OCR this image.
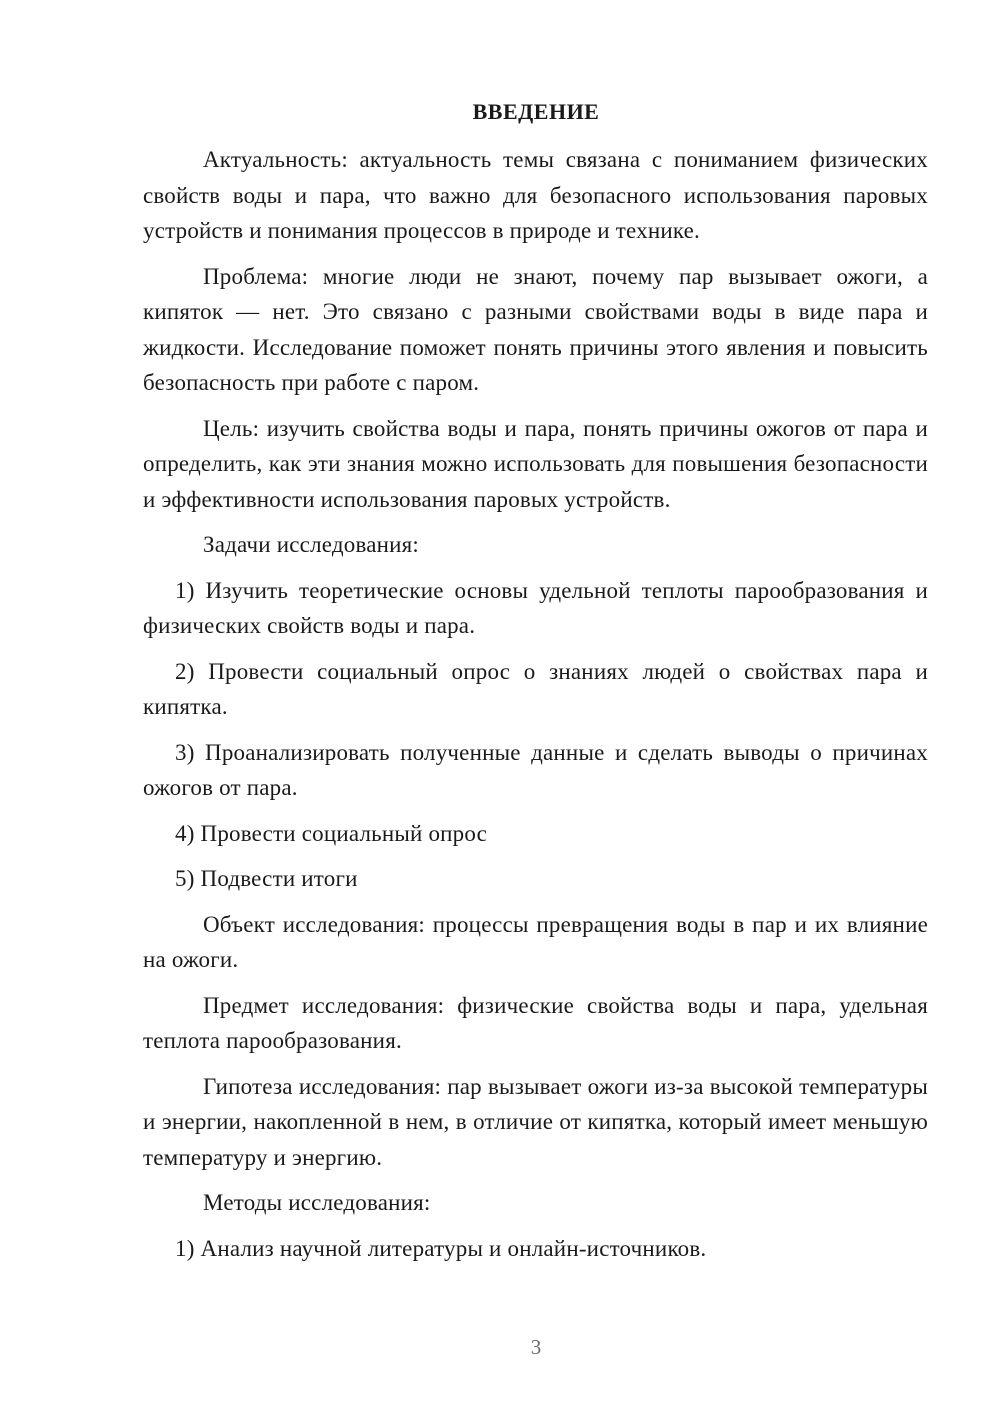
ВВЕДЕНИЕ

Актуальность: актуальность темы связана с пониманием физических свойств воды и пара, что важно для безопасного использования паровых устройств и понимания процессов в природе и технике.

Проблема: многие люди не знают, почему пар вызывает ожоги, а кипяток — нет. Это связано с разными свойствами воды в виде пара и жидкости. Исследование поможет понять причины этого явления и повысить безопасность при работе с паром.

Цель: изучить свойства воды и пара, понять причины ожогов от пара и определить, как эти знания можно использовать для повышения безопасности и эффективности использования паровых устройств.

Задачи исследования:

1) Изучить теоретические основы удельной теплоты парообразования и физических свойств воды и пара.

2) Провести социальный опрос о знаниях людей о свойствах пара и кипятка.

3) Проанализировать полученные данные и сделать выводы о причинах ожогов от пара.

4) Провести социальный опрос

5) Подвести итоги

Объект исследования: процессы превращения воды в пар и их влияние на ожоги.

Предмет исследования: физические свойства воды и пара, удельная теплота парообразования.

Гипотеза исследования: пар вызывает ожоги из-за высокой температуры и энергии, накопленной в нем, в отличие от кипятка, который имеет меньшую температуру и энергию.

Методы исследования:

1) Анализ научной литературы и онлайн-источников.

3
